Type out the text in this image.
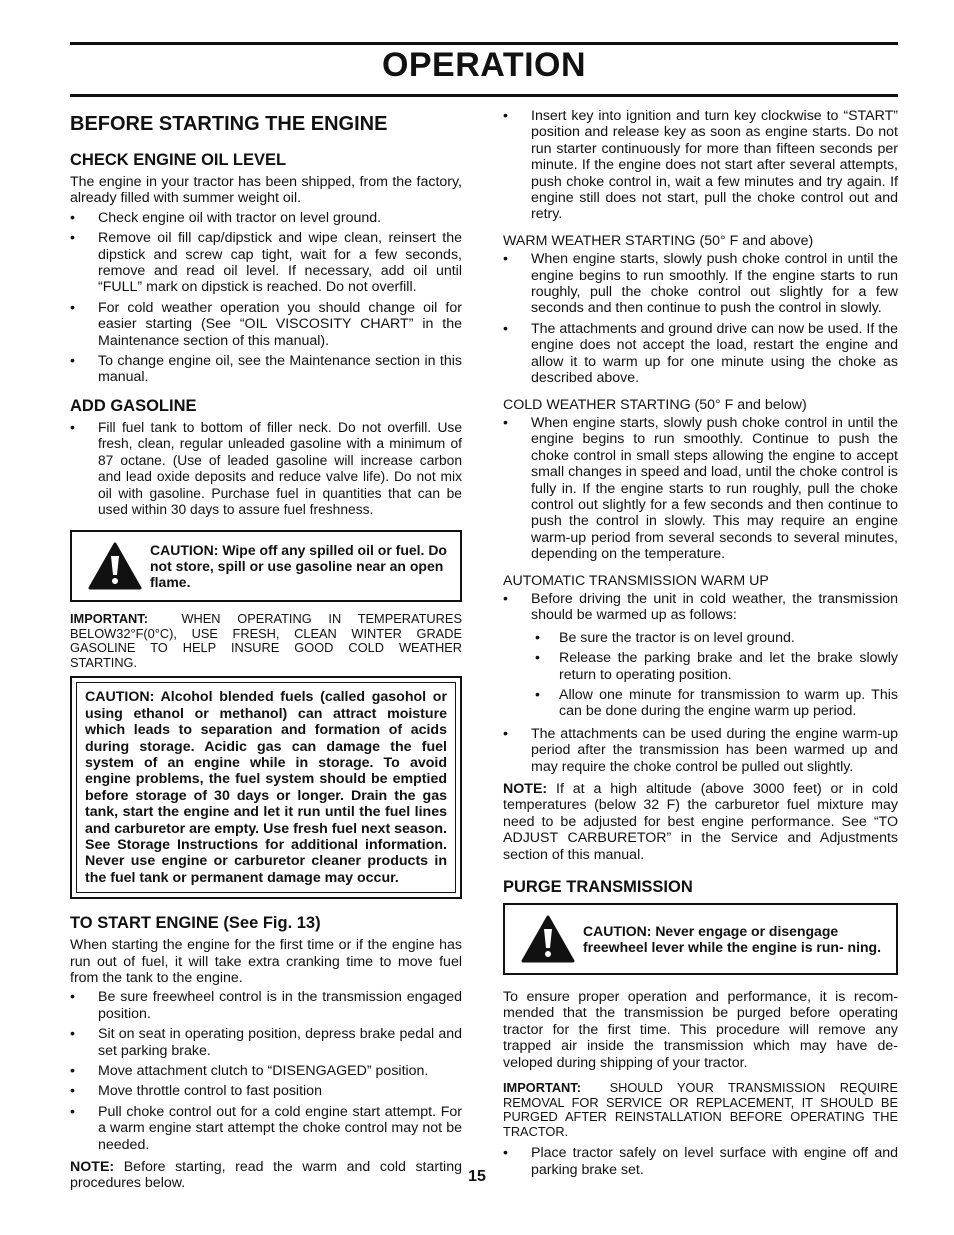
OPERATION
BEFORE STARTING THE ENGINE
CHECK ENGINE OIL LEVEL

The engine in your tractor has been shipped, from the factory, already filled with summer weight oil.

• Check engine oil with tractor on level ground.
• Remove oil fill cap/dipstick and wipe clean, reinsert the dipstick and screw cap tight, wait for a few seconds, remove and read oil level. If necessary, add oil until “FULL” mark on dipstick is reached. Do not overfill.
• For cold weather operation you should change oil for easier starting (See “OIL VISCOSITY CHART” in the Maintenance section of this manual).
• To change engine oil, see the Maintenance section in this manual.
ADD GASOLINE
• Fill fuel tank to bottom of filler neck. Do not overfill. Use fresh, clean, regular unleaded gasoline with a minimum of 87 octane. (Use of leaded gasoline will increase carbon and lead oxide deposits and reduce valve life). Do not mix oil with gasoline. Purchase fuel in quantities that can be used within 30 days to assure fuel freshness.
CAUTION: Wipe off any spilled oil or fuel. Do not store, spill or use gasoline near an open flame.

IMPORTANT:	WHEN OPERATING IN TEMPERATURES BELOW32°F(0°C), USE FRESH, CLEAN WINTER GRADE GASOLINE TO HELP INSURE GOOD COLD WEATHER STARTING.

CAUTION: Alcohol blended fuels (called gasohol or using ethanol or methanol) can attract moisture which leads to separation and formation of acids during storage. Acidic gas can damage the fuel system of an engine while in storage. To avoid engine problems, the fuel system should be emptied before storage of 30 days or longer. Drain the gas tank, start the engine and let it run until the fuel lines and carburetor are empty. Use fresh fuel next season. See Storage Instructions for additional information. Never use engine or carburetor cleaner products in the fuel tank or permanent damage may occur.
TO START ENGINE (See Fig. 13)

When starting the engine for the first time or if the engine has run out of fuel, it will take extra cranking time to move fuel from the tank to the engine.

• Be sure freewheel control is in the transmission engaged position.
• Sit on seat in operating position, depress brake pedal and set parking brake.
• Move attachment clutch to “DISENGAGED” position.
• Move throttle control to fast position
• Pull choke control out for a cold engine start attempt. For a warm engine start attempt the choke control may not be needed.

NOTE: Before starting, read the warm and cold starting procedures below.

• Insert key into ignition and turn key clockwise to “START” position and release key as soon as engine starts. Do not run starter continuously for more than fifteen seconds per minute. If the engine does not start after several attempts, push choke control in, wait a few minutes and try again. If engine still does not start, pull the choke control out and retry.

WARM WEATHER STARTING (50° F and above)

• When engine starts, slowly push choke control in until the engine begins to run smoothly. If the engine starts to run roughly, pull the choke control out slightly for a few seconds and then continue to push the control in slowly.
• The attachments and ground drive can now be used. If the engine does not accept the load, restart the engine and allow it to warm up for one minute using the choke as described above.

COLD WEATHER STARTING (50° F and below)

• When engine starts, slowly push choke control in until the engine begins to run smoothly. Continue to push the choke control in small steps allowing the engine to accept small changes in speed and load, until the choke control is fully in. If the engine starts to run roughly, pull the choke control out slightly for a few seconds and then continue to push the control in slowly. This may require an engine warm-up period from several seconds to several minutes, depending on the temperature.

AUTOMATIC TRANSMISSION WARM UP

• Before driving the unit in cold weather, the transmission should be warmed up as follows:
• Be sure the tractor is on level ground.
• Release the parking brake and let the brake slowly return to operating position.
• Allow one minute for transmission to warm up. This can be done during the engine warm up period.
• The attachments can be used during the engine warm-up period after the transmission has been warmed up and may require the choke control be pulled out slightly.

NOTE: If at a high altitude (above 3000 feet) or in cold temperatures (below 32 F) the carburetor fuel mixture may need to be adjusted for best engine performance. See “TO ADJUST CARBURETOR” in the Service and Adjustments section of this manual.

PURGE TRANSMISSION
CAUTION: Never engage or disengage freewheel lever while the engine is run- ning.

To ensure proper operation and performance, it is recom- mended that the transmission be purged before operating tractor for the first time. This procedure will remove any trapped air inside the transmission which may have de- veloped during shipping of your tractor.

IMPORTANT: SHOULD YOUR TRANSMISSION REQUIRE REMOVAL FOR SERVICE OR REPLACEMENT, IT SHOULD BE PURGED AFTER REINSTALLATION BEFORE OPERATING THE TRACTOR.

• Place tractor safely on level surface with engine off and parking brake set.
15
